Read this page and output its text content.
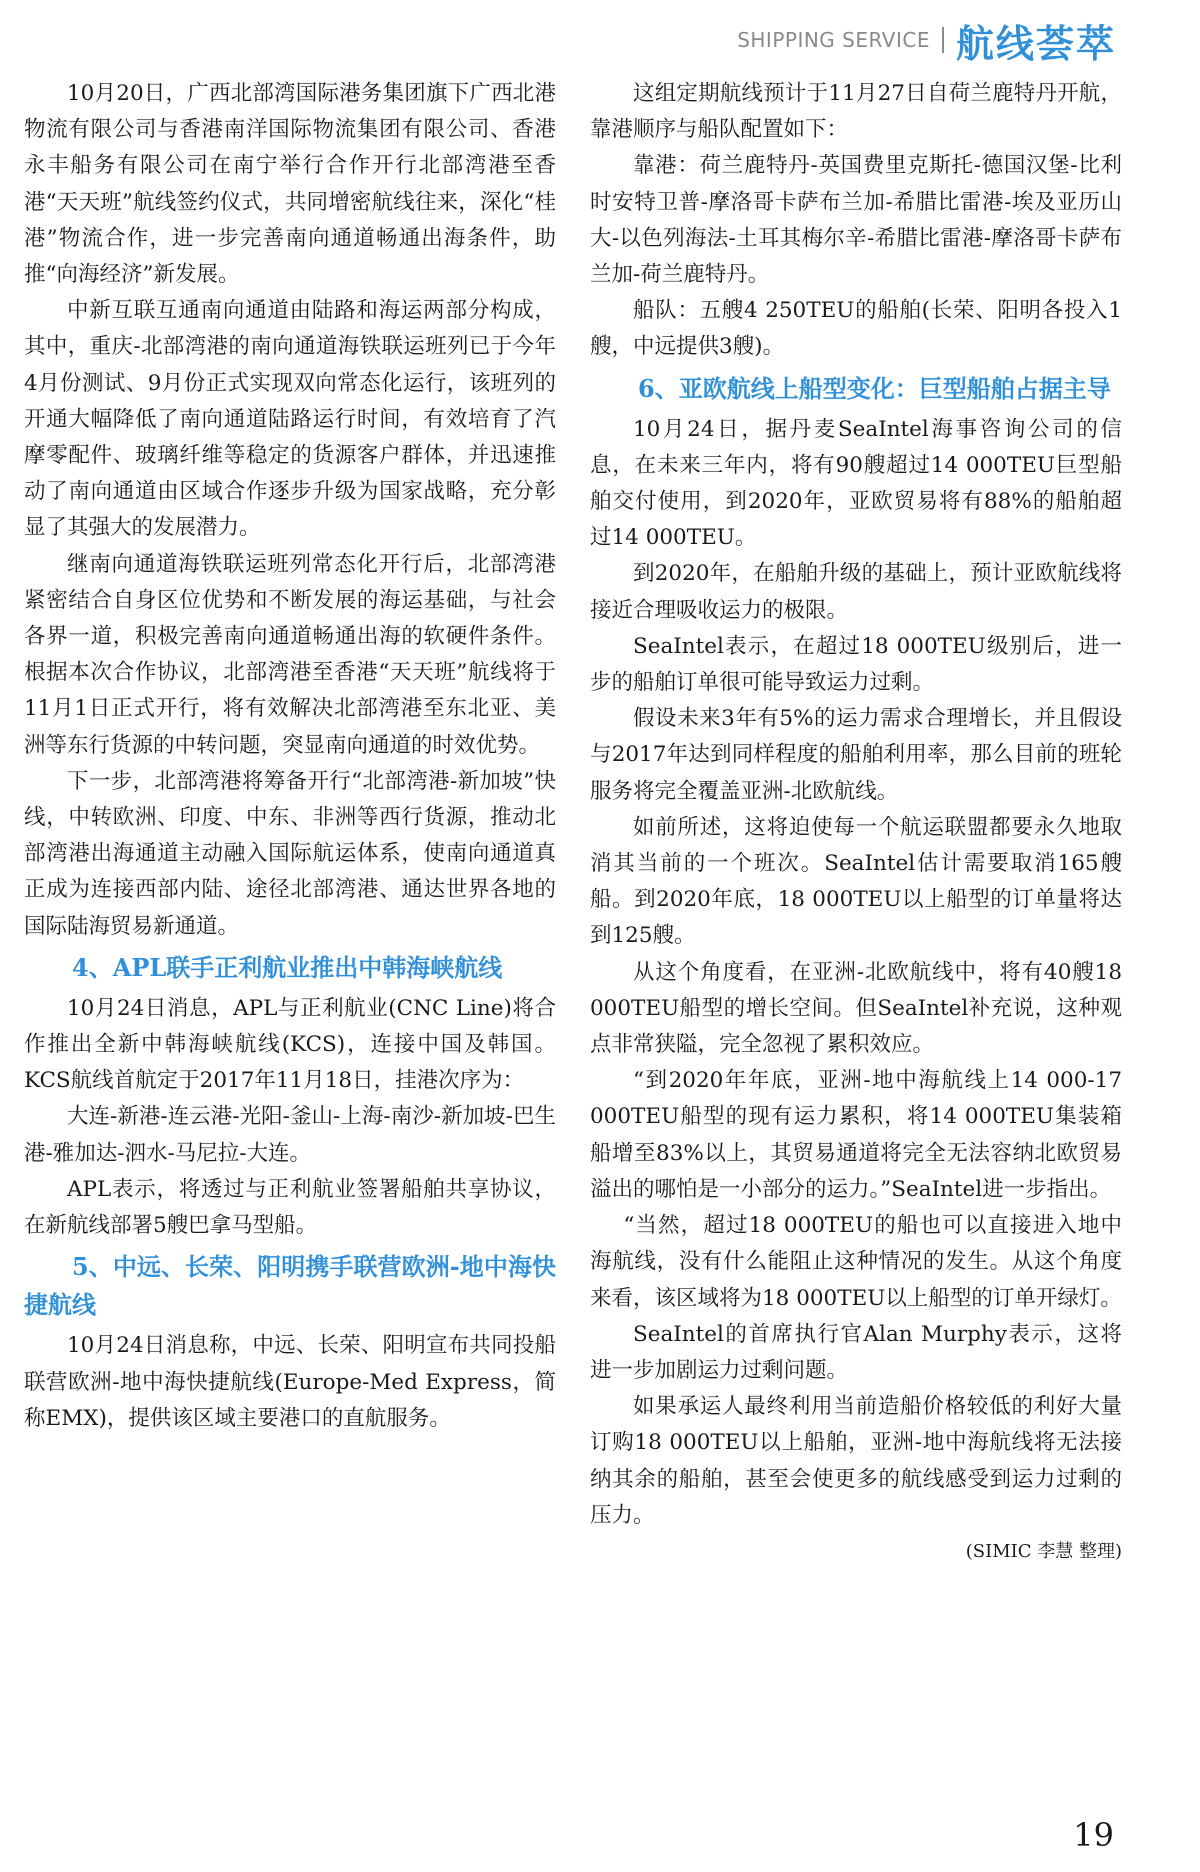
SHIPPING SERVICE 航线荟萃

10月20日，广西北部湾国际港务集团旗下广西北港物流有限公司与香港南洋国际物流集团有限公司、香港永丰船务有限公司在南宁举行合作开行北部湾港至香港“天天班”航线签约仪式，共同增密航线往来，深化“桂港”物流合作，进一步完善南向通道畅通出海条件，助推“向海经济”新发展。

中新互联互通南向通道由陆路和海运两部分构成，其中，重庆-北部湾港的南向通道海铁联运班列已于今年4月份测试、9月份正式实现双向常态化运行，该班列的开通大幅降低了南向通道陆路运行时间，有效培育了汽摩零配件、玻璃纤维等稳定的货源客户群体，并迅速推动了南向通道由区域合作逐步升级为国家战略，充分彰显了其强大的发展潜力。

继南向通道海铁联运班列常态化开行后，北部湾港紧密结合自身区位优势和不断发展的海运基础，与社会各界一道，积极完善南向通道畅通出海的软硬件条件。根据本次合作协议，北部湾港至香港“天天班”航线将于11月1日正式开行，将有效解决北部湾港至东北亚、美洲等东行货源的中转问题，突显南向通道的时效优势。

下一步，北部湾港将筹备开行“北部湾港-新加坡”快线，中转欧洲、印度、中东、非洲等西行货源，推动北部湾港出海通道主动融入国际航运体系，使南向通道真正成为连接西部内陆、途径北部湾港、通达世界各地的国际陆海贸易新通道。

4、APL联手正利航业推出中韩海峡航线

10月24日消息，APL与正利航业(CNC Line)将合作推出全新中韩海峡航线(KCS)，连接中国及韩国。KCS航线首航定于2017年11月18日，挂港次序为：

大连-新港-连云港-光阳-釜山-上海-南沙-新加坡-巴生港-雅加达-泗水-马尼拉-大连。

APL表示，将透过与正利航业签署船舶共享协议，在新航线部署5艘巴拿马型船。

5、中远、长荣、阳明携手联营欧洲-地中海快捷航线

10月24日消息称，中远、长荣、阳明宣布共同投船联营欧洲-地中海快捷航线(Europe-Med Express，简称EMX)，提供该区域主要港口的直航服务。

这组定期航线预计于11月27日自荷兰鹿特丹开航，靠港顺序与船队配置如下：

靠港：荷兰鹿特丹-英国费里克斯托-德国汉堡-比利时安特卫普-摩洛哥卡萨布兰加-希腊比雷港-埃及亚历山大-以色列海法-土耳其梅尔辛-希腊比雷港-摩洛哥卡萨布兰加-荷兰鹿特丹。

船队：五艘4 250TEU的船舶(长荣、阳明各投入1艘，中远提供3艘)。

6、亚欧航线上船型变化：巨型船舶占据主导

10月24日，据丹麦SeaIntel海事咨询公司的信息，在未来三年内，将有90艘超过14 000TEU巨型船舶交付使用，到2020年，亚欧贸易将有88%的船舶超过14 000TEU。

到2020年，在船舶升级的基础上，预计亚欧航线将接近合理吸收运力的极限。

SeaIntel表示，在超过18 000TEU级别后，进一步的船舶订单很可能导致运力过剩。

假设未来3年有5%的运力需求合理增长，并且假设与2017年达到同样程度的船舶利用率，那么目前的班轮服务将完全覆盖亚洲-北欧航线。

如前所述，这将迫使每一个航运联盟都要永久地取消其当前的一个班次。SeaIntel估计需要取消165艘船。到2020年底，18 000TEU以上船型的订单量将达到125艘。

从这个角度看，在亚洲-北欧航线中，将有40艘18 000TEU船型的增长空间。但SeaIntel补充说，这种观点非常狭隘，完全忽视了累积效应。

“到2020年年底，亚洲-地中海航线上14 000-17 000TEU船型的现有运力累积，将14 000TEU集装箱船增至83%以上，其贸易通道将完全无法容纳北欧贸易溢出的哪怕是一小部分的运力。”SeaIntel进一步指出。

“当然，超过18 000TEU的船也可以直接进入地中海航线，没有什么能阻止这种情况的发生。从这个角度来看，该区域将为18 000TEU以上船型的订单开绿灯。

SeaIntel的首席执行官Alan Murphy表示，这将进一步加剧运力过剩问题。

如果承运人最终利用当前造船价格较低的利好大量订购18 000TEU以上船舶，亚洲-地中海航线将无法接纳其余的船舶，甚至会使更多的航线感受到运力过剩的压力。

(SIMIC 李慧 整理)

19
